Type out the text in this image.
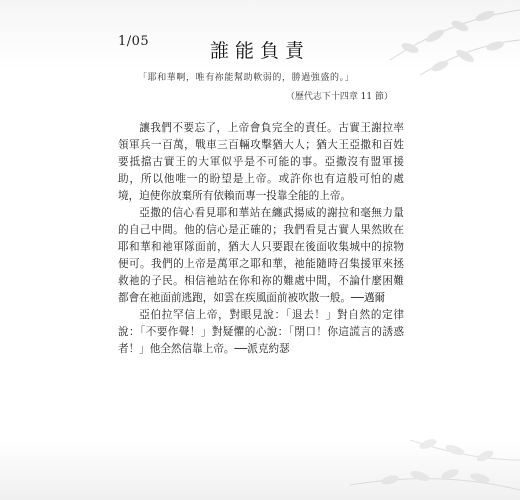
1/05	誰能負責
「耶和華啊，唯有祢能幫助軟弱的，勝過強盛的。」
（歷代志下十四章 11 節）

讓我們不要忘了，上帝會負完全的責任。古實王謝拉率領軍兵一百萬，戰車三百輛攻擊猶大人；猶大王亞撒和百姓要抵擋古實王的大軍似乎是不可能的事。亞撒沒有盟軍援助，所以他唯一的盼望是上帝。或許你也有這般可怕的處境，迫使你放棄所有依賴而專一投靠全能的上帝。

亞撒的信心看見耶和華站在纏武揚威的謝拉和毫無力量的自己中間。他的信心是正確的；我們看見古實人果然敗在耶和華和祂軍隊面前，猶大人只要跟在後面收集城中的掠物便可。我們的上帝是萬軍之耶和華，祂能隨時召集援軍來拯救祂的子民。相信祂站在你和祢的難處中間，不論什麼困難都會在祂面前逃跑，如雲在疾風面前被吹散一般。──邁爾

亞伯拉罕信上帝，對眼見說：「退去！」對自然的定律說：「不要作聲！」對疑懼的心說：「閉口！你這謊言的誘惑者！」他全然信靠上帝。──派克約瑟
